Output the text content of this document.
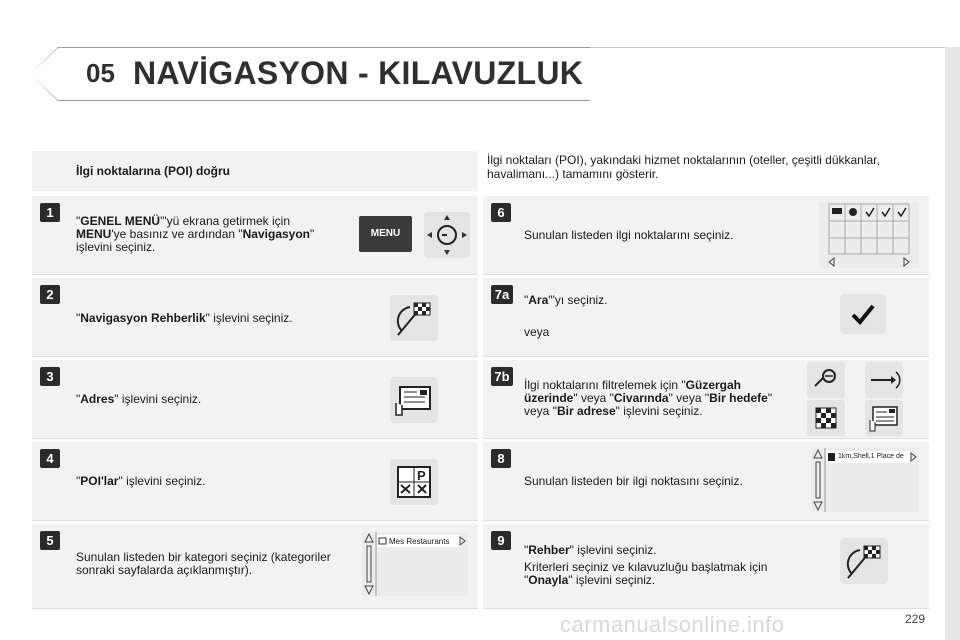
05 NAVİGASYON - KILAVUZLUK
İlgi noktalarına (POI) doğru
İlgi noktaları (POI), yakındaki hizmet noktalarının (oteller, çeşitli dükkanlar, havalimanı...) tamamını gösterir.
1
"GENEL MENÜ"'yü ekrana getirmek için MENU'ye basınız ve ardından "Navigasyon" işlevini seçiniz.
MENU
2
"Navigasyon Rehberlik" işlevini seçiniz.
3
"Adres" işlevini seçiniz.
4
"POI'lar" işlevini seçiniz.	P
5
Sunulan listeden bir kategori seçiniz (kategoriler sonraki sayfalarda açıklanmıştır).
Mes Restaurants
6
Sunulan listeden ilgi noktalarını seçiniz.
7a	"Ara"'yı seçiniz.
veya
7b
İlgi noktalarını filtrelemek için "Güzergah üzerinde" veya "Civarında" veya "Bir hedefe" veya "Bir adrese" işlevini seçiniz.
8
Sunulan listeden bir ilgi noktasını seçiniz.
1km,Shell,1 Place de
9
"Rehber" işlevini seçiniz.
Kriterleri seçiniz ve kılavuzluğu başlatmak için "Onayla" işlevini seçiniz.
carmanualsonline.info	229
